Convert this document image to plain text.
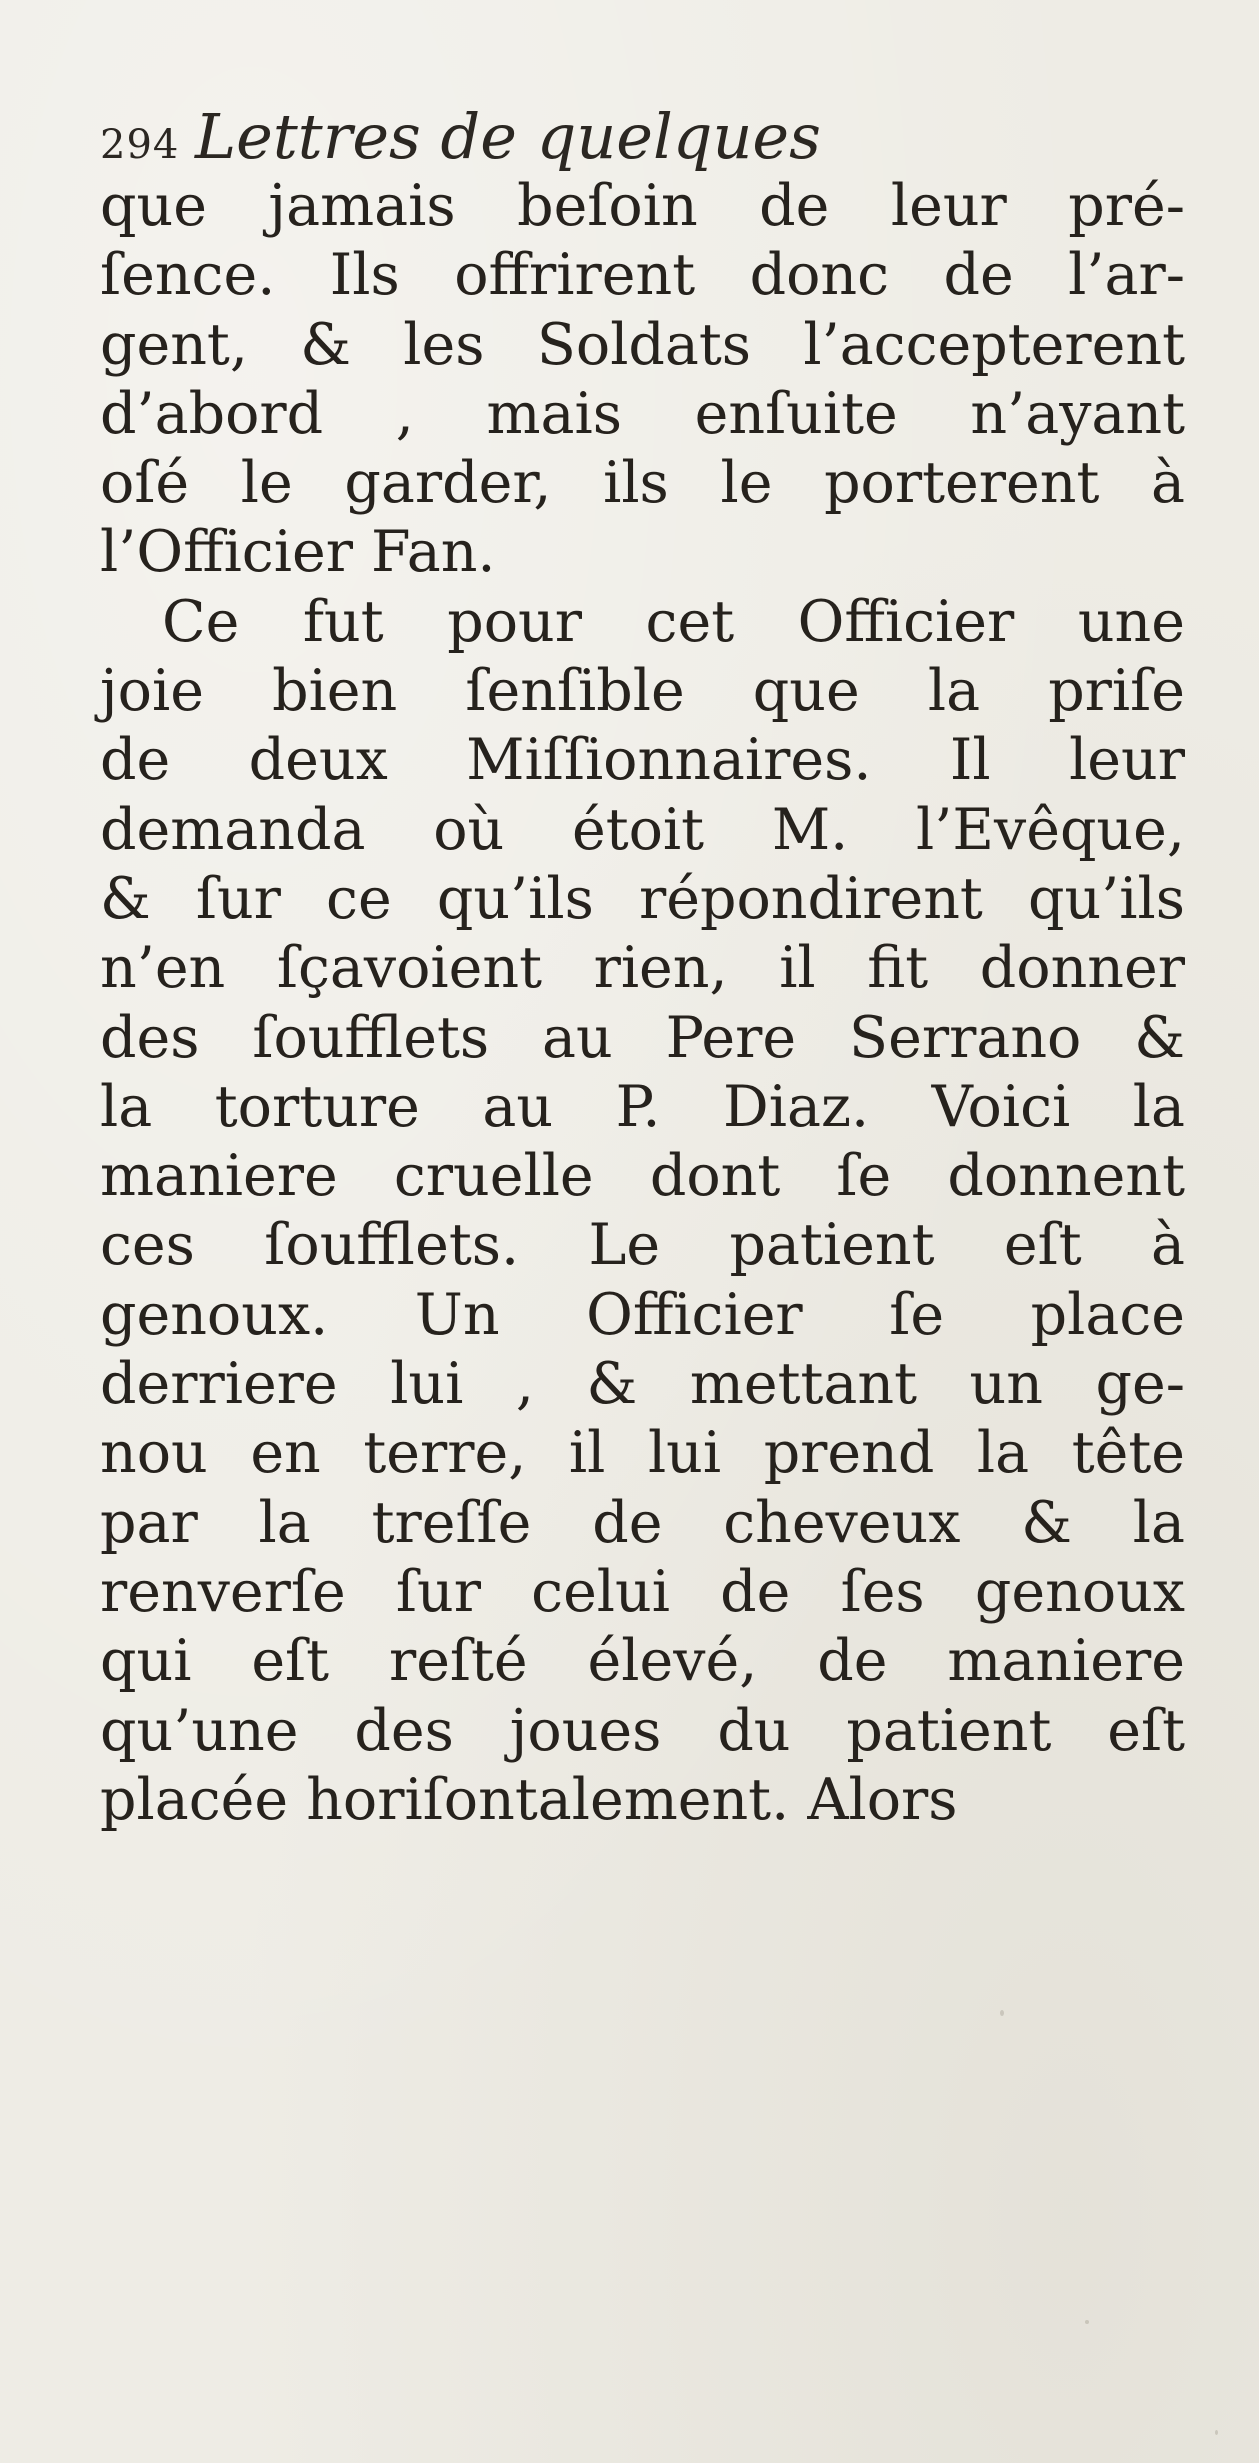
294 Lettres de quelques
que jamais beſoin de leur pré-
ſence. Ils offrirent donc de l’ar-
gent, & les Soldats l’accepterent
d’abord , mais enſuite n’ayant
oſé le garder, ils le porterent à
l’Officier Fan.
Ce fut pour cet Officier une
joie bien ſenſible que la priſe
de deux Miſſionnaires. Il leur
demanda où étoit M. l’Evêque,
& ſur ce qu’ils répondirent qu’ils
n’en ſçavoient rien, il fit donner
des ſoufflets au Pere Serrano &
la torture au P. Diaz. Voici la
maniere cruelle dont ſe donnent
ces ſoufflets. Le patient eſt à
genoux. Un Officier ſe place
derriere lui , & mettant un ge-
nou en terre, il lui prend la tête
par la treſſe de cheveux & la
renverſe ſur celui de ſes genoux
qui eſt reſté élevé, de maniere
qu’une des joues du patient eſt
placée horiſontalement. Alors
